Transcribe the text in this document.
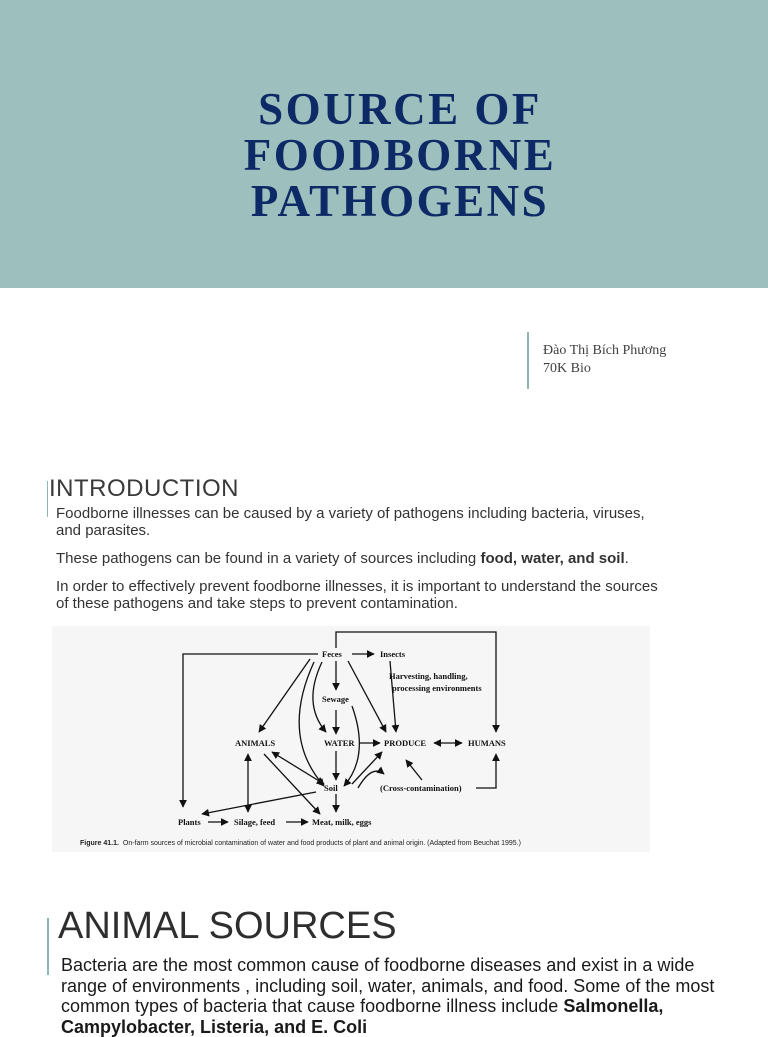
SOURCE OF
FOODBORNE
PATHOGENS
Đào Thị Bích Phương
70K Bio
INTRODUCTION

Foodborne illnesses can be caused by a variety of pathogens including bacteria, viruses, and parasites.

These pathogens can be found in a variety of sources including food, water, and soil.

In order to effectively prevent foodborne illnesses, it is important to understand the sources of these pathogens and take steps to prevent contamination.

Feces	Insects
Harvesting, handling,
processing environments
Sewage
ANIMALS	WATER	PRODUCE	HUMANS
Soil	(Cross-contamination)
Plants	Silage, feed	Meat, milk, eggs
Figure 41.1. On-farm sources of microbial contamination of water and food products of plant and animal origin. (Adapted from Beuchat 1995.)
ANIMAL SOURCES

Bacteria are the most common cause of foodborne diseases and exist in a wide range of environments , including soil, water, animals, and food. Some of the most common types of bacteria that cause foodborne illness include Salmonella, Campylobacter, Listeria, and E. Coli
